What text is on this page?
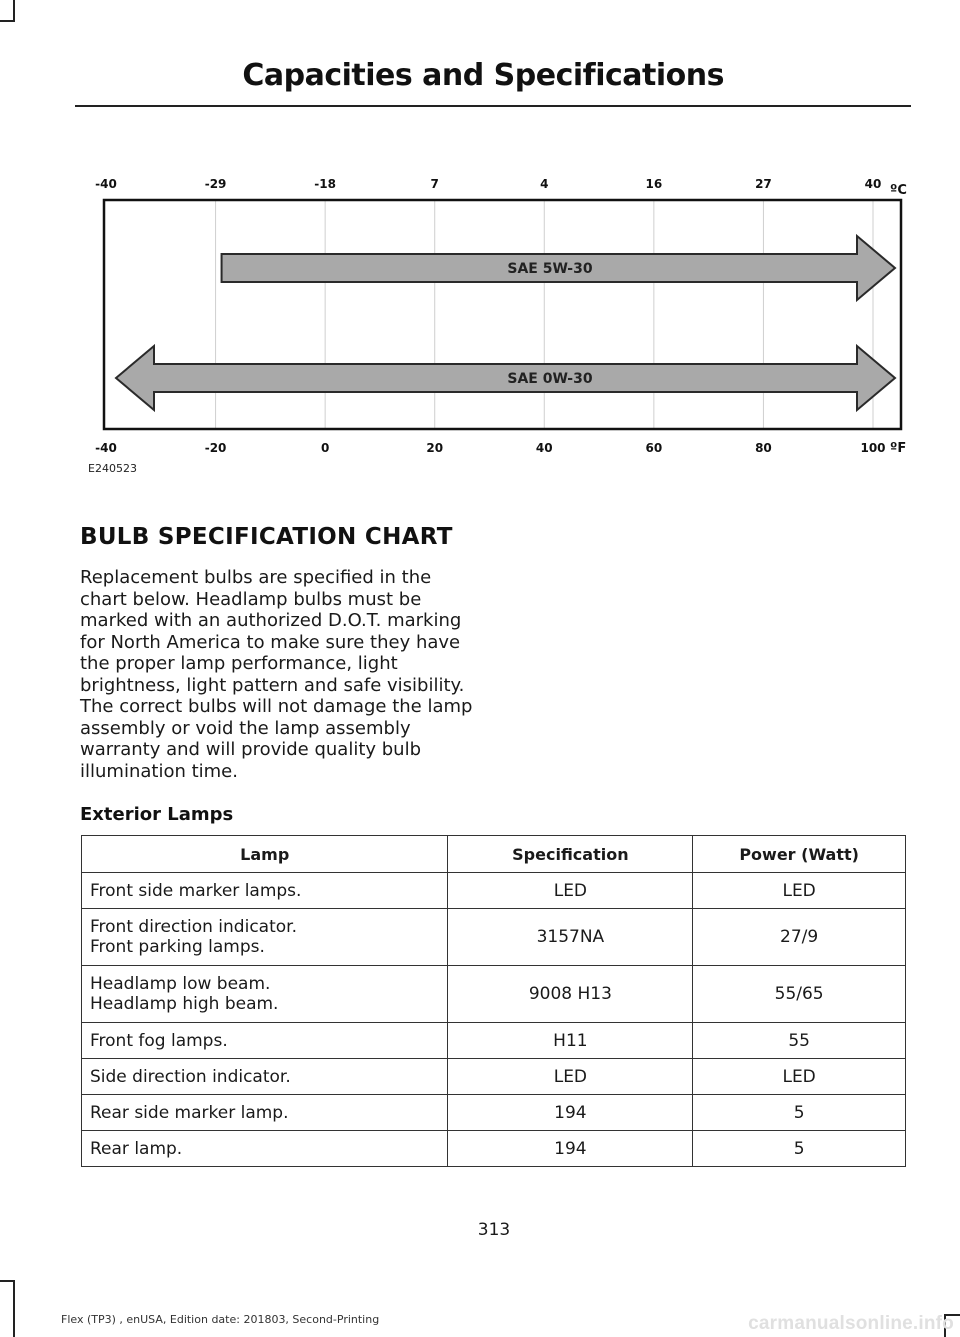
Capacities and Specifications
-40	-29	-18	7	4	16	27	40
-40	-20	0	20	40	60	80	100
ºC
ºF
SAE 5W-30
SAE 0W-30
E240523
BULB SPECIFICATION CHART
Replacement bulbs are specified in the chart below. Headlamp bulbs must be marked with an authorized D.O.T. marking for North America to make sure they have the proper lamp performance, light brightness, light pattern and safe visibility. The correct bulbs will not damage the lamp assembly or void the lamp assembly warranty and will provide quality bulb illumination time.
Exterior Lamps
Lamp	Specification	Power (Watt)

Front side marker lamps.	LED	LED

Front direction indicator.
Front parking lamps.	3157NA	27/9

Headlamp low beam.
Headlamp high beam.	9008 H13	55/65

Front fog lamps.	H11	55

Side direction indicator.	LED	LED

Rear side marker lamp.	194	5

Rear lamp.	194	5
313
Flex (TP3) , enUSA, Edition date: 201803, Second-Printing	carmanualsonline.info
